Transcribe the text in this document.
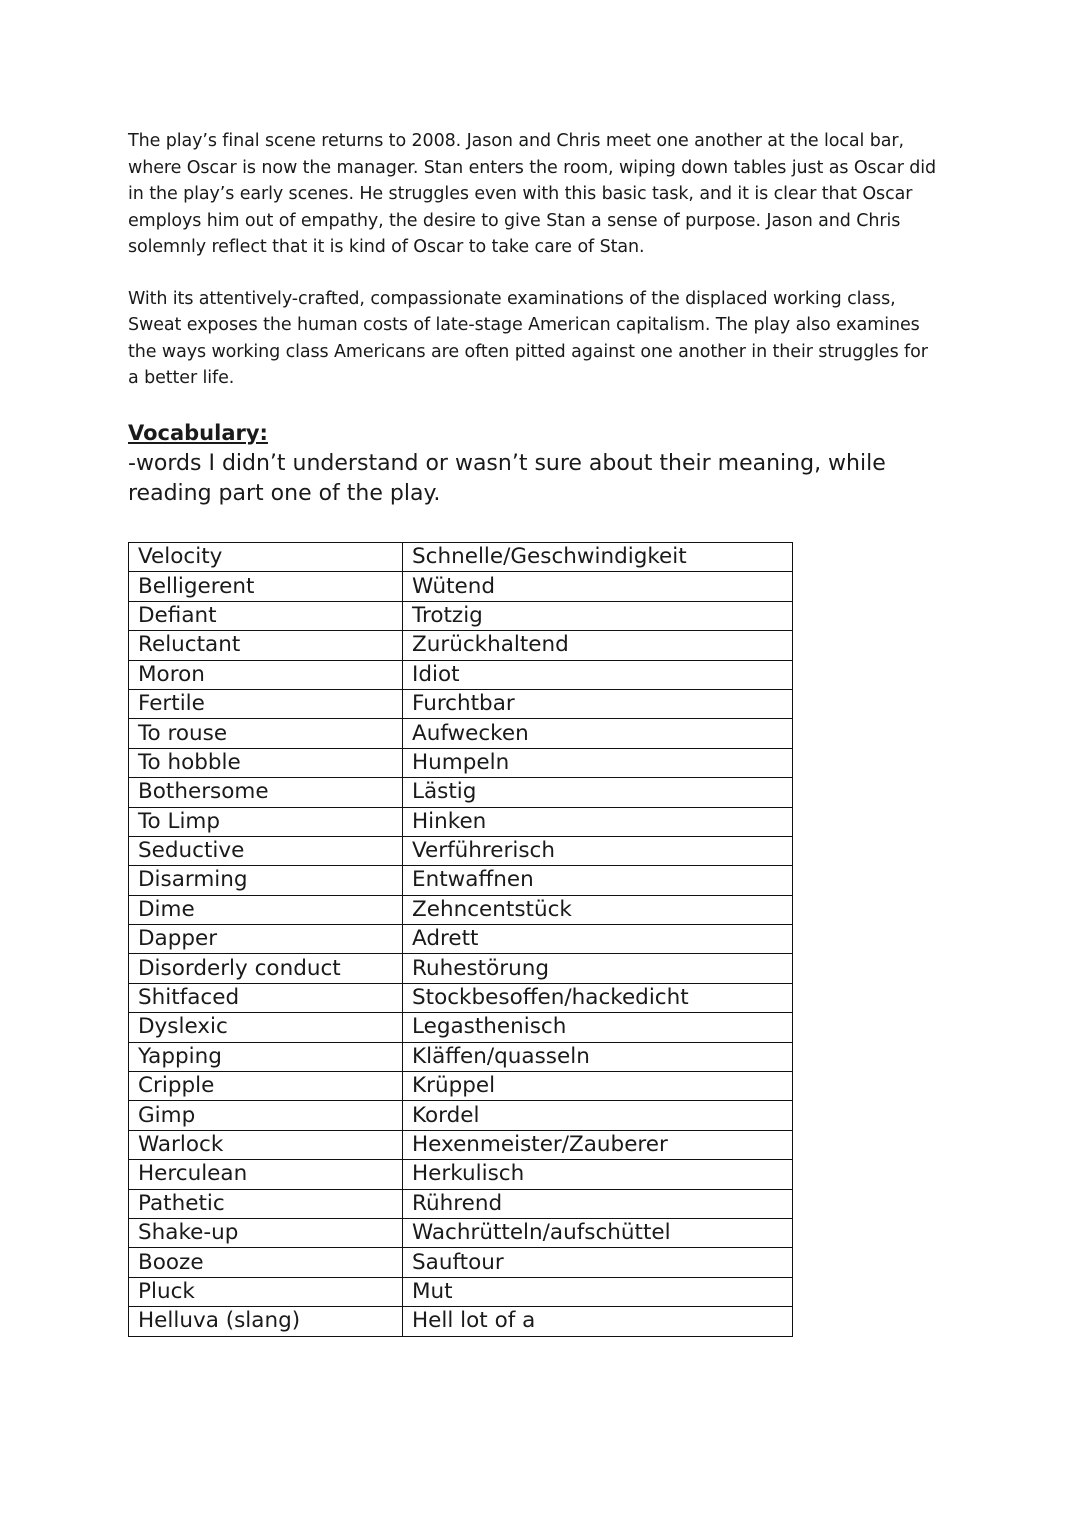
The play’s final scene returns to 2008. Jason and Chris meet one another at the local bar, where Oscar is now the manager. Stan enters the room, wiping down tables just as Oscar did in the play’s early scenes. He struggles even with this basic task, and it is clear that Oscar employs him out of empathy, the desire to give Stan a sense of purpose. Jason and Chris solemnly reflect that it is kind of Oscar to take care of Stan.

With its attentively-crafted, compassionate examinations of the displaced working class, Sweat exposes the human costs of late-stage American capitalism. The play also examines the ways working class Americans are often pitted against one another in their struggles for a better life.

Vocabulary:

-words I didn’t understand or wasn’t sure about their meaning, while reading part one of the play.

Velocity	Schnelle/Geschwindigkeit
Belligerent	Wütend
Defiant	Trotzig
Reluctant	Zurückhaltend
Moron	Idiot
Fertile	Furchtbar
To rouse	Aufwecken
To hobble	Humpeln
Bothersome	Lästig
To Limp	Hinken
Seductive	Verführerisch
Disarming	Entwaffnen
Dime	Zehncentstück
Dapper	Adrett
Disorderly conduct	Ruhestörung
Shitfaced	Stockbesoffen/hackedicht
Dyslexic	Legasthenisch
Yapping	Kläffen/quasseln
Cripple	Krüppel
Gimp	Kordel
Warlock	Hexenmeister/Zauberer
Herculean	Herkulisch
Pathetic	Rührend
Shake-up	Wachrütteln/aufschüttel
Booze	Sauftour
Pluck	Mut
Helluva (slang)	Hell lot of a
